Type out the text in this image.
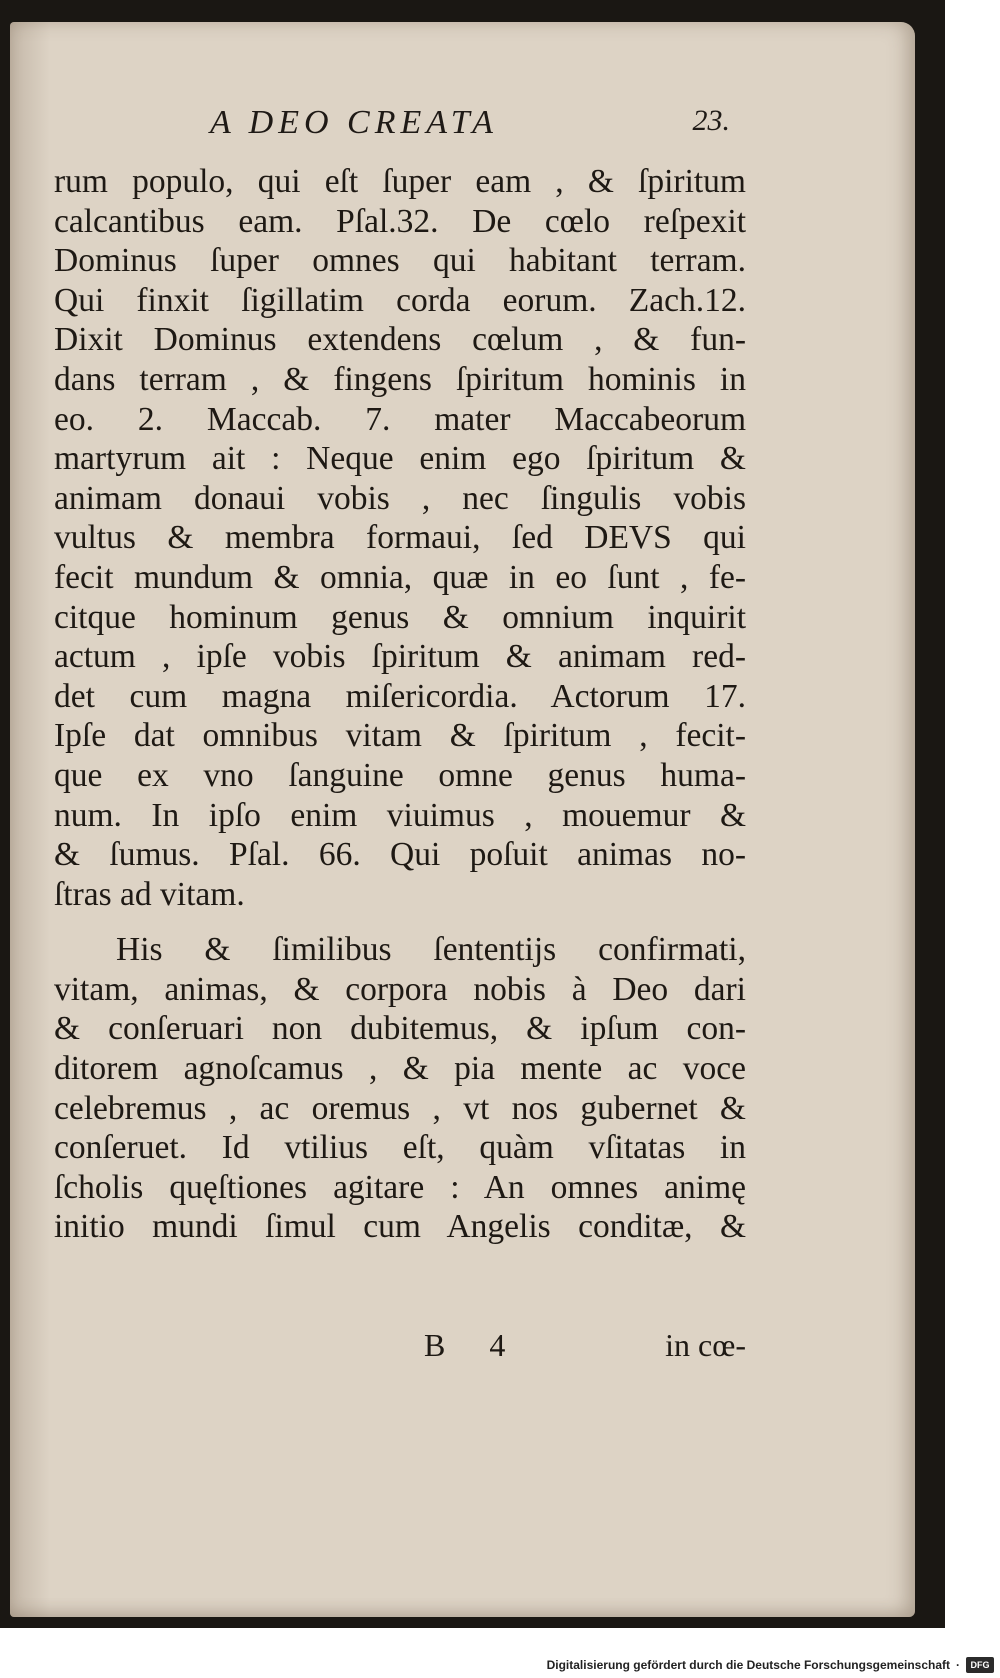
A DEO CREATA	23.
rum populo, qui eſt ſuper eam , & ſpiritum
calcantibus eam. Pſal.32. De cœlo reſpexit
Dominus ſuper omnes qui habitant terram.
Qui finxit ſigillatim corda eorum. Zach.12.
Dixit Dominus extendens cœlum , & fun-
dans terram , & fingens ſpiritum hominis in
eo. 2. Maccab. 7. mater Maccabeorum
martyrum ait : Neque enim ego ſpiritum &
animam donaui vobis , nec ſingulis vobis
vultus & membra formaui, ſed DEVS qui
fecit mundum & omnia, quæ in eo ſunt , fe-
citque hominum genus & omnium inquirit
actum , ipſe vobis ſpiritum & animam red-
det cum magna miſericordia. Actorum 17.
Ipſe dat omnibus vitam & ſpiritum , fecit-
que ex vno ſanguine omne genus huma-
num. In ipſo enim viuimus , mouemur &
& ſumus. Pſal. 66. Qui poſuit animas no-
ſtras ad vitam.
His & ſimilibus ſententijs confirmati,
vitam, animas, & corpora nobis à Deo dari
& conſeruari non dubitemus, & ipſum con-
ditorem agnoſcamus , & pia mente ac voce
celebremus , ac oremus , vt nos gubernet &
conſeruet. Id vtilius eſt, quàm vſitatas in
ſcholis quęſtiones agitare : An omnes animę
initio mundi ſimul cum Angelis conditæ, &
B 4	in cœ-
Digitalisierung gefördert durch die Deutsche Forschungsgemeinschaft ·	DFG
